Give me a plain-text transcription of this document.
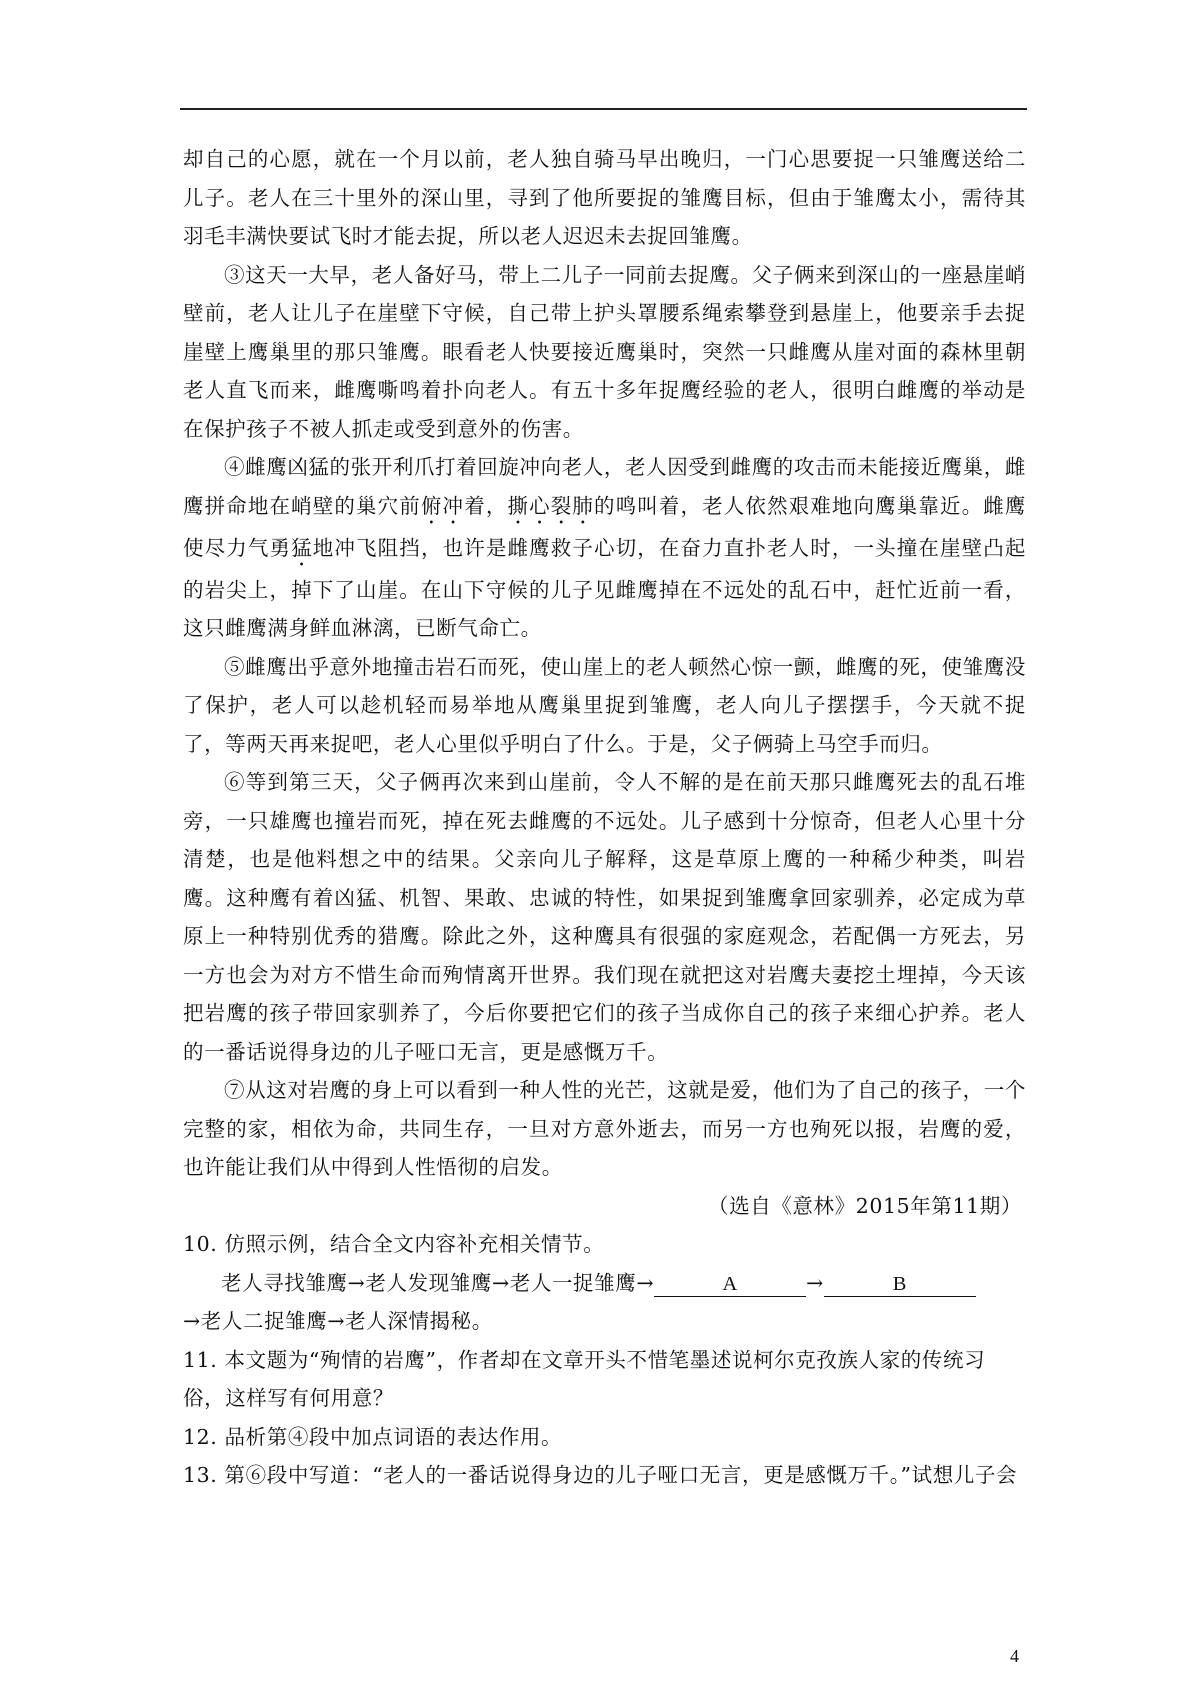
却自己的心愿，就在一个月以前，老人独自骑马早出晚归，一门心思要捉一只雏鹰送给二儿子。老人在三十里外的深山里，寻到了他所要捉的雏鹰目标，但由于雏鹰太小，需待其羽毛丰满快要试飞时才能去捉，所以老人迟迟未去捉回雏鹰。

③这天一大早，老人备好马，带上二儿子一同前去捉鹰。父子俩来到深山的一座悬崖峭壁前，老人让儿子在崖壁下守候，自己带上护头罩腰系绳索攀登到悬崖上，他要亲手去捉崖壁上鹰巢里的那只雏鹰。眼看老人快要接近鹰巢时，突然一只雌鹰从崖对面的森林里朝老人直飞而来，雌鹰嘶鸣着扑向老人。有五十多年捉鹰经验的老人，很明白雌鹰的举动是在保护孩子不被人抓走或受到意外的伤害。

④雌鹰凶猛的张开利爪打着回旋冲向老人，老人因受到雌鹰的攻击而未能接近鹰巢，雌鹰拼命地在峭壁的巢穴前俯冲着，撕心裂肺的鸣叫着，老人依然艰难地向鹰巢靠近。雌鹰使尽力气勇猛地冲飞阻挡，也许是雌鹰救子心切，在奋力直扑老人时，一头撞在崖壁凸起的岩尖上，掉下了山崖。在山下守候的儿子见雌鹰掉在不远处的乱石中，赶忙近前一看，这只雌鹰满身鲜血淋漓，已断气命亡。

⑤雌鹰出乎意外地撞击岩石而死，使山崖上的老人顿然心惊一颤，雌鹰的死，使雏鹰没了保护，老人可以趁机轻而易举地从鹰巢里捉到雏鹰，老人向儿子摆摆手，今天就不捉了，等两天再来捉吧，老人心里似乎明白了什么。于是，父子俩骑上马空手而归。

⑥等到第三天，父子俩再次来到山崖前，令人不解的是在前天那只雌鹰死去的乱石堆旁，一只雄鹰也撞岩而死，掉在死去雌鹰的不远处。儿子感到十分惊奇，但老人心里十分清楚，也是他料想之中的结果。父亲向儿子解释，这是草原上鹰的一种稀少种类，叫岩鹰。这种鹰有着凶猛、机智、果敢、忠诚的特性，如果捉到雏鹰拿回家驯养，必定成为草原上一种特别优秀的猎鹰。除此之外，这种鹰具有很强的家庭观念，若配偶一方死去，另一方也会为对方不惜生命而殉情离开世界。我们现在就把这对岩鹰夫妻挖土埋掉，今天该把岩鹰的孩子带回家驯养了，今后你要把它们的孩子当成你自己的孩子来细心护养。老人的一番话说得身边的儿子哑口无言，更是感慨万千。

⑦从这对岩鹰的身上可以看到一种人性的光芒，这就是爱，他们为了自己的孩子，一个完整的家，相依为命，共同生存，一旦对方意外逝去，而另一方也殉死以报，岩鹰的爱，也许能让我们从中得到人性悟彻的启发。

（选自《意林》2015年第11期）

10. 仿照示例，结合全文内容补充相关情节。

老人寻找雏鹰→老人发现雏鹰→老人一捉雏鹰→	A	→	B

→老人二捉雏鹰→老人深情揭秘。

11. 本文题为“殉情的岩鹰”，作者却在文章开头不惜笔墨述说柯尔克孜族人家的传统习俗，这样写有何用意？

12. 品析第④段中加点词语的表达作用。

13. 第⑥段中写道：“老人的一番话说得身边的儿子哑口无言，更是感慨万千。”试想儿子会

4
